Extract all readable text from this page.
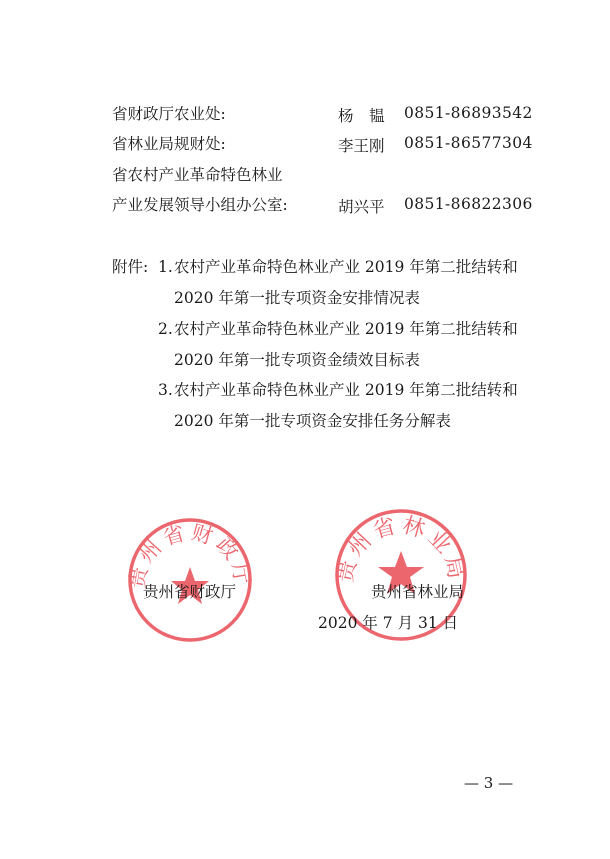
省财政厅农业处:	杨　韫 0851-86893542
省林业局规财处:	李王刚 0851-86577304
省农村产业革命特色林业
产业发展领导小组办公室:	胡兴平 0851-86822306
附件: 1. 农村产业革命特色林业产业 2019 年第二批结转和
2020 年第一批专项资金安排情况表
2. 农村产业革命特色林业产业 2019 年第二批结转和
2020 年第一批专项资金绩效目标表
3. 农村产业革命特色林业产业 2019 年第二批结转和
2020 年第一批专项资金安排任务分解表
贵州省财政厅	贵州省林业局
贵州省财政厅	贵州省林业局
2020 年 7 月 31 日
— 3 —
